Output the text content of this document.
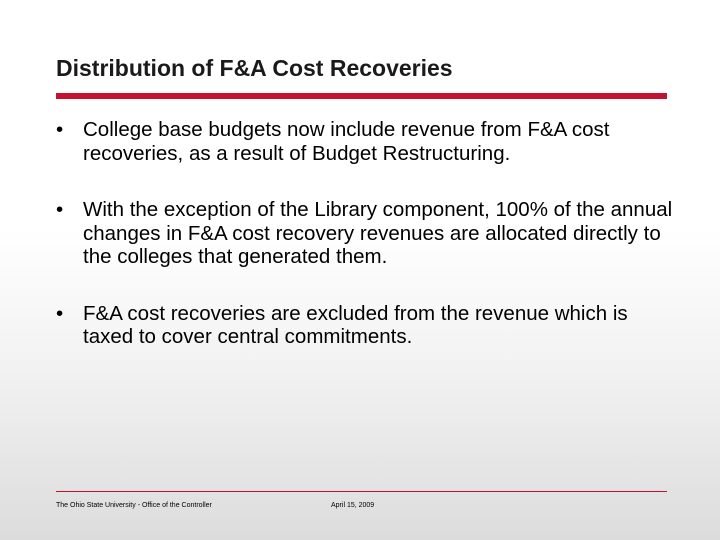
Distribution of F&A Cost Recoveries
• College base budgets now include revenue from F&A cost recoveries, as a result of Budget Restructuring.
• With the exception of the Library component, 100% of the annual changes in F&A cost recovery revenues are allocated directly to the colleges that generated them.
• F&A cost recoveries are excluded from the revenue which is taxed to cover central commitments.
The Ohio State University - Office of the Controller	April 15, 2009
